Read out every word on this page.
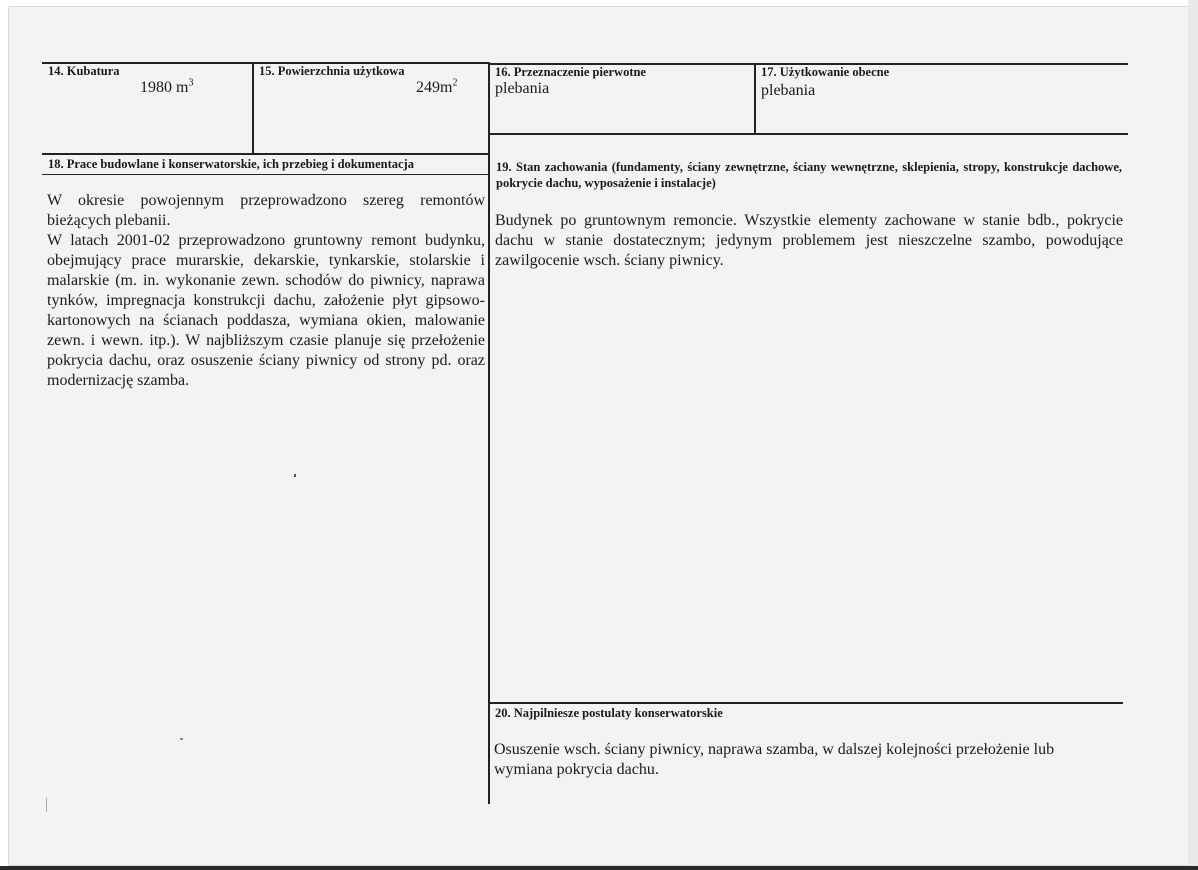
14. Kubatura
1980 $m^3$
15. Powierzchnia użytkowa
$249m^2$
16. Przeznaczenie pierwotne
plebania
17. Użytkowanie obecne
plebania
18. Prace budowlane i konserwatorskie, ich przebieg i dokumentacja

W okresie powojennym przeprowadzono szereg remontów bieżących plebanii.

W latach 2001-02 przeprowadzono gruntowny remont budynku, obejmujący prace murarskie, dekarskie, tynkarskie, stolarskie i malarskie (m. in. wykonanie zewn. schodów do piwnicy, naprawa tynków, impregnacja konstrukcji dachu, założenie płyt gipsowo-kartonowych na ścianach poddasza, wymiana okien, malowanie zewn. i wewn. itp.). W najbliższym czasie planuje się przełożenie pokrycia dachu, oraz osuszenie ściany piwnicy od strony pd. oraz modernizację szamba.

19. Stan zachowania (fundamenty, ściany zewnętrzne, ściany wewnętrzne, sklepienia, stropy, konstrukcje dachowe, pokrycie dachu, wyposażenie i instalacje)
Budynek po gruntownym remoncie. Wszystkie elementy zachowane w stanie bdb., pokrycie dachu w stanie dostatecznym; jedynym problemem jest nieszczelne szambo, powodujące zawilgocenie wsch. ściany piwnicy.
20. Najpilniesze postulaty konserwatorskie
Osuszenie wsch. ściany piwnicy, naprawa szamba, w dalszej kolejności przełożenie lub wymiana pokrycia dachu.
